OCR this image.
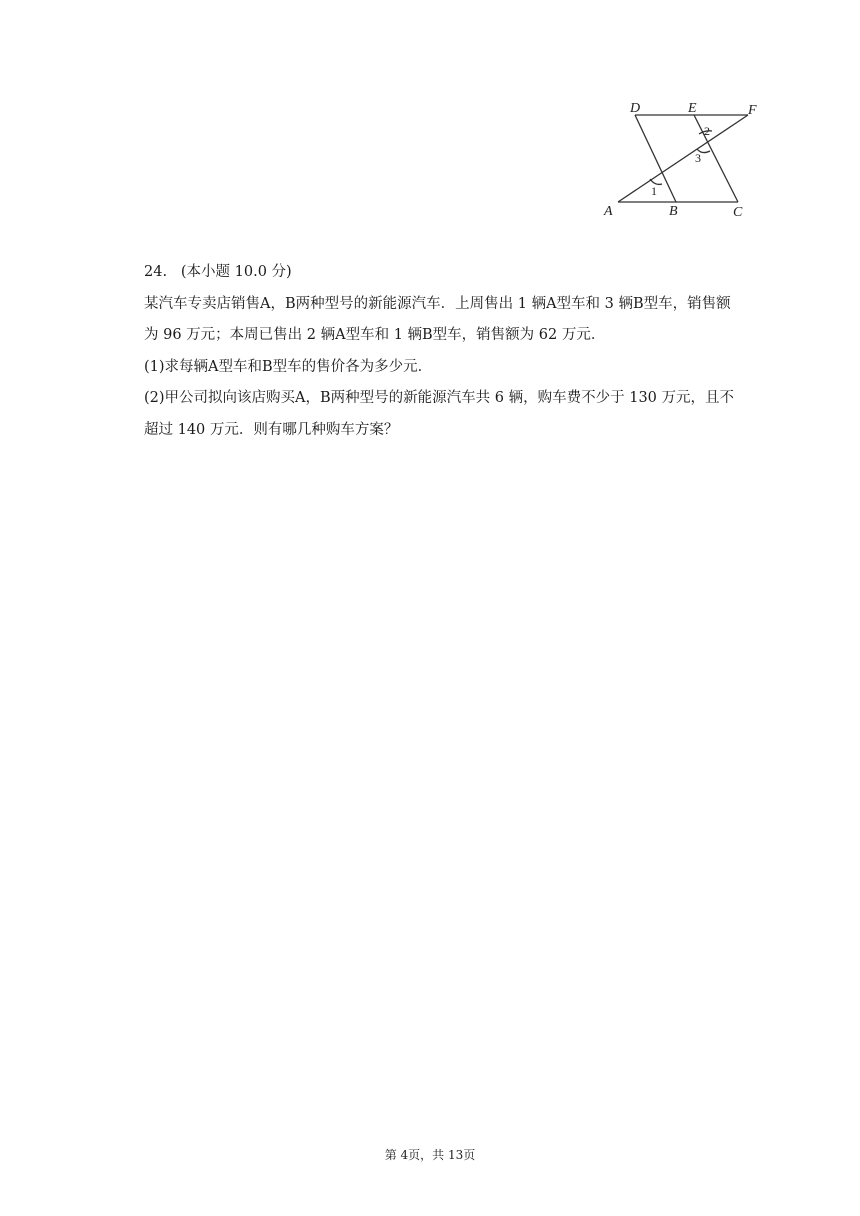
D	E	F
A	B	C
1
2
3
24. (本小题 10.0 分)
某汽车专卖店销售A，B两种型号的新能源汽车．上周售出 1 辆A型车和 3 辆B型车，销售额
为 96 万元；本周已售出 2 辆A型车和 1 辆B型车，销售额为 62 万元．
(1)求每辆A型车和B型车的售价各为多少元．
(2)甲公司拟向该店购买A，B两种型号的新能源汽车共 6 辆，购车费不少于 130 万元，且不
超过 140 万元．则有哪几种购车方案？
第 4页，共 13页
